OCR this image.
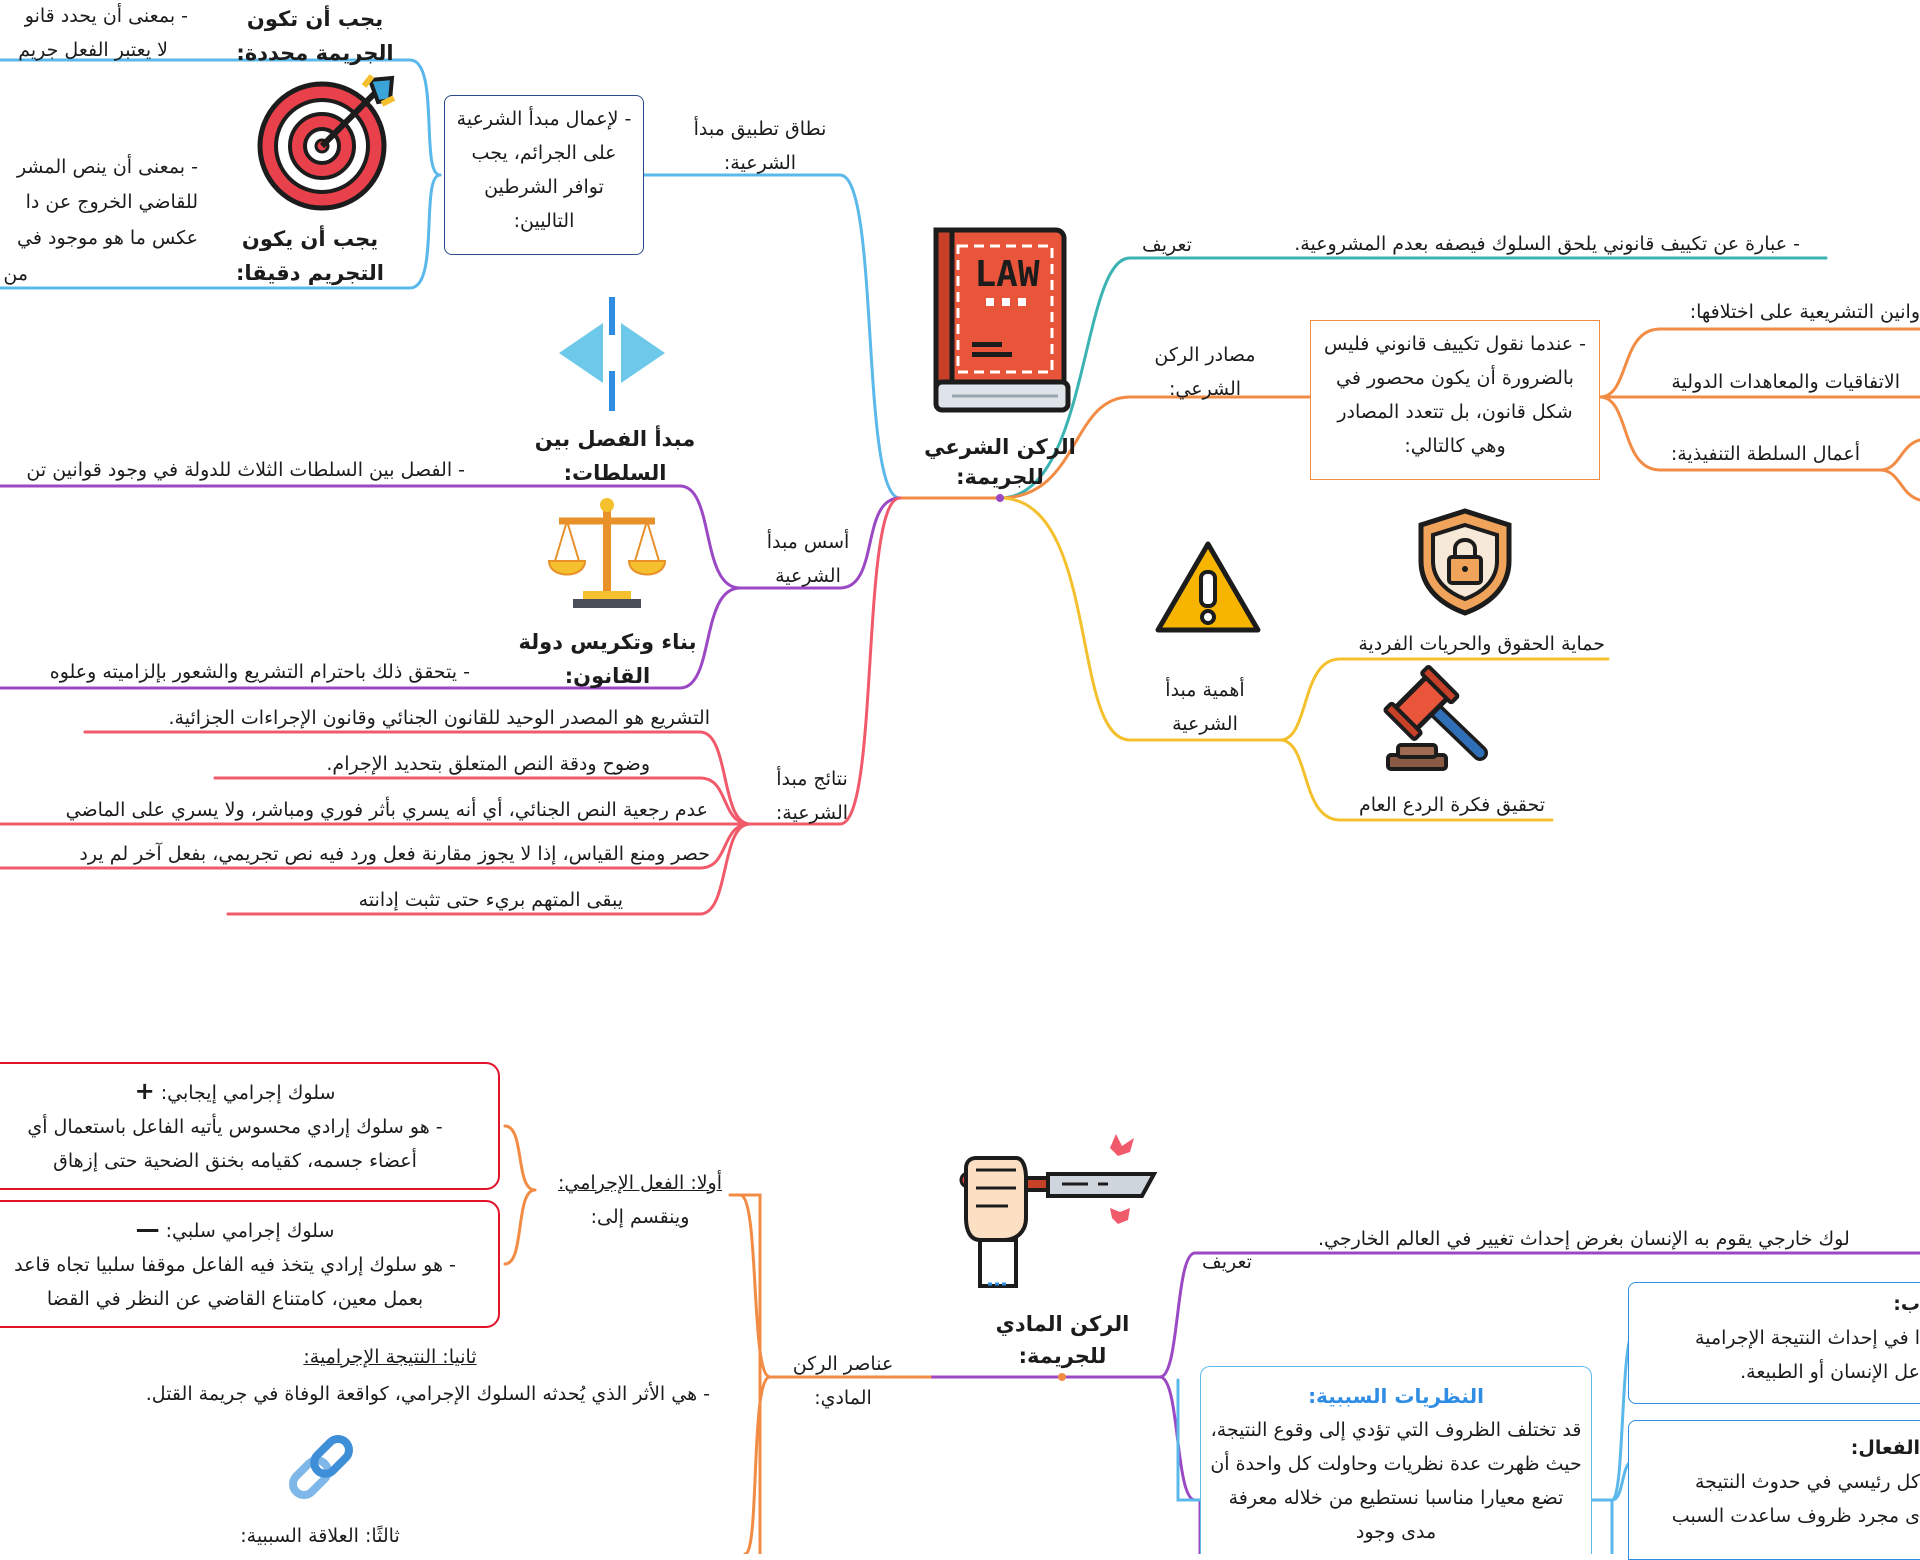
LAW
الركن الشرعي للجريمة:
تعريف	- عبارة عن تكييف قانوني يلحق السلوك فيصفه بعدم المشروعية.
مصادر الركن الشرعي:
- عندما نقول تكييف قانوني فليس بالضرورة أن يكون محصور في شكل قانون، بل تتعدد المصادر وهي كالتالي:
وانين التشريعية على اختلافها:
الاتفاقيات والمعاهدات الدولية
أعمال السلطة التنفيذية:
أهمية مبدأ الشرعية
حماية الحقوق والحريات الفردية
تحقيق فكرة الردع العام
نطاق تطبيق مبدأ الشرعية:
- لإعمال مبدأ الشرعية على الجرائم، يجب توافر الشرطين التاليين:
يجب أن تكون الجريمة محددة:
- بمعنى أن يحدد قانو
لا يعتبر الفعل جريم
يجب أن يكون التجريم دقيقا:
- بمعنى أن ينص المشر
للقاضي الخروج عن دا
عكس ما هو موجود في
من
مبدأ الفصل بين السلطات:
- الفصل بين السلطات الثلاث للدولة في وجود قوانين تن
أسس مبدأ الشرعية
بناء وتكريس دولة القانون:
- يتحقق ذلك باحترام التشريع والشعور بإلزاميته وعلوه
نتائج مبدأ الشرعية:
التشريع هو المصدر الوحيد للقانون الجنائي وقانون الإجراءات الجزائية.
وضوح ودقة النص المتعلق بتحديد الإجرام.
عدم رجعية النص الجنائي، أي أنه يسري بأثر فوري ومباشر، ولا يسري على الماضي
حصر ومنع القياس، إذا لا يجوز مقارنة فعل ورد فيه نص تجريمي، بفعل آخر لم يرد
يبقى المتهم بريء حتى تثبت إدانته
الركن المادي للجريمة:
تعريف
لوك خارجي يقوم به الإنسان بغرض إحداث تغيير في العالم الخارجي.
النظريات السببية:
قد تختلف الظروف التي تؤدي إلى وقوع النتيجة، حيث ظهرت عدة نظريات وحاولت كل واحدة أن تضع معيارا مناسبا نستطيع من خلاله معرفة مدى وجود
ب:
ا في إحداث النتيجة الإجرامية
عل الإنسان أو الطبيعة.
الفعال:
كل رئيسي في حدوث النتيجة
ى مجرد ظروف ساعدت السبب
عناصر الركن المادي:
أولا: الفعل الإجرامي:
وينقسم إلى:
سلوك إجرامي إيجابي: +
- هو سلوك إرادي محسوس يأتيه الفاعل باستعمال أي
أعضاء جسمه، كقيامه بخنق الضحية حتى إزهاق
سلوك إجرامي سلبي: —
- هو سلوك إرادي يتخذ فيه الفاعل موقفا سلبيا تجاه قاعد
بعمل معين، كامتناع القاضي عن النظر في القضا
ثانيا: النتيجة الإجرامية:
- هي الأثر الذي يُحدثه السلوك الإجرامي، كواقعة الوفاة في جريمة القتل.
ثالثًا: العلاقة السببية:
